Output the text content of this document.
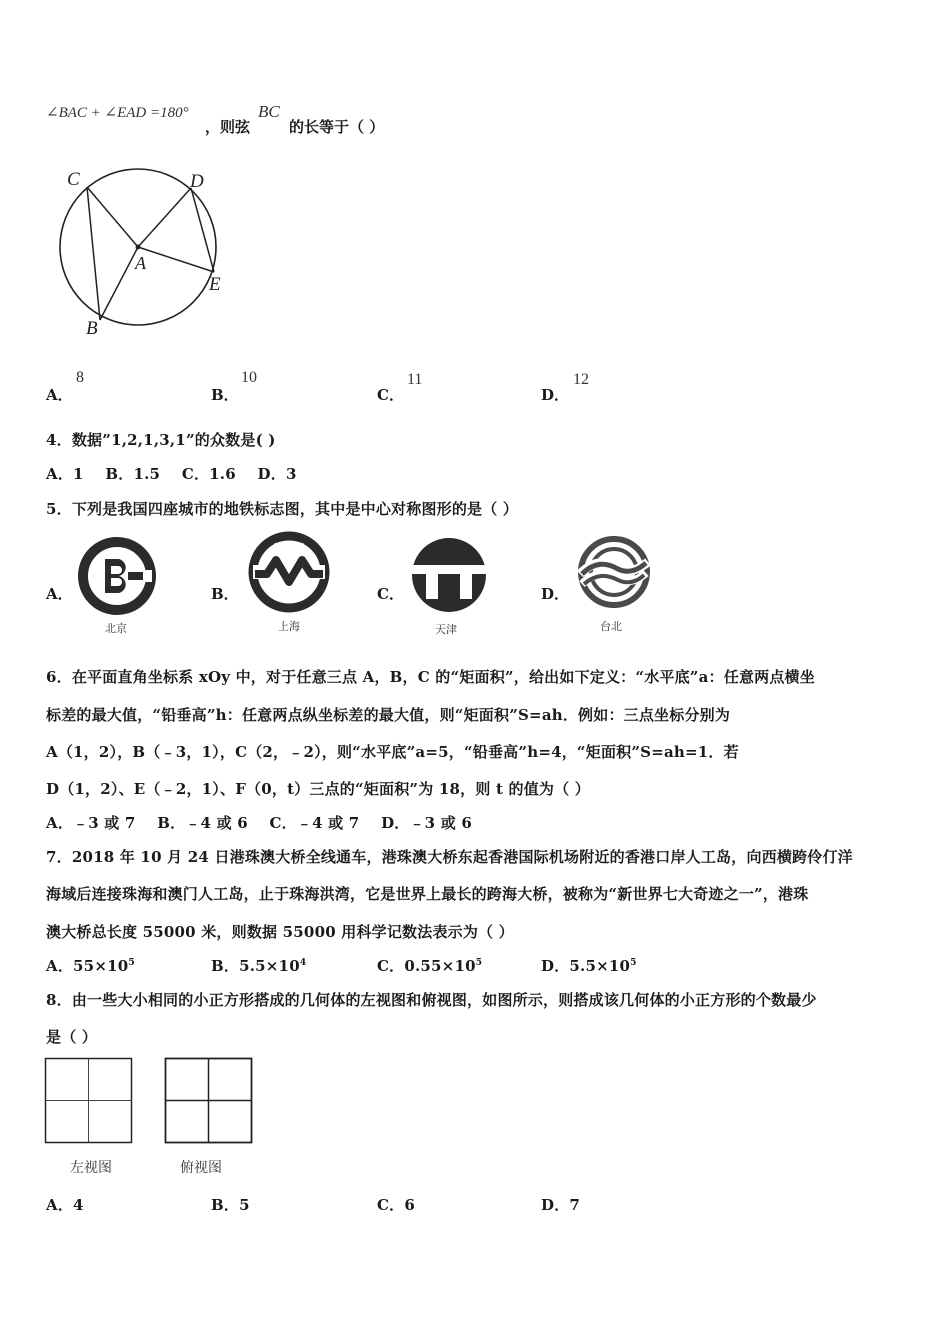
∠BAC + ∠EAD =180°
，则弦
BC
的长等于（ ）
C	D
A
E
B
A．
8
B．
10
C．
11
D．
12
4．数据”1,2,1,3,1”的众数是( )
A．1    B．1.5    C．1.6    D．3
5．下列是我国四座城市的地铁标志图，其中是中心对称图形的是（ ）
A．
北京
B．
上海
C．
天津
D．
台北
6．在平面直角坐标系 xOy 中，对于任意三点 A，B，C 的“矩面积”，给出如下定义：“水平底”a：任意两点横坐
标差的最大值，“铅垂高”h：任意两点纵坐标差的最大值，则“矩面积”S=ah．例如：三点坐标分别为
A（1，2），B（﹣3，1），C（2，﹣2），则“水平底”a=5，“铅垂高”h=4，“矩面积”S=ah=1．若
D（1，2）、E（﹣2，1）、F（0，t）三点的“矩面积”为 18，则 t 的值为（ ）
A．﹣3 或 7    B．﹣4 或 6    C．﹣4 或 7    D．﹣3 或 6
7．2018 年 10 月 24 日港珠澳大桥全线通车，港珠澳大桥东起香港国际机场附近的香港口岸人工岛，向西横跨伶仃洋
海域后连接珠海和澳门人工岛，止于珠海洪湾，它是世界上最长的跨海大桥，被称为“新世界七大奇迹之一”，港珠
澳大桥总长度 55000 米，则数据 55000 用科学记数法表示为（ ）
A．$55\times 10^5$	B．$5.5\times 10^4$	C．$0.55\times 10^5$	D．$5.5\times 10^5$
8．由一些大小相同的小正方形搭成的几何体的左视图和俯视图，如图所示，则搭成该几何体的小正方形的个数最少
是（ ）
左视图	俯视图
A．4	B．5	C．6	D．7
